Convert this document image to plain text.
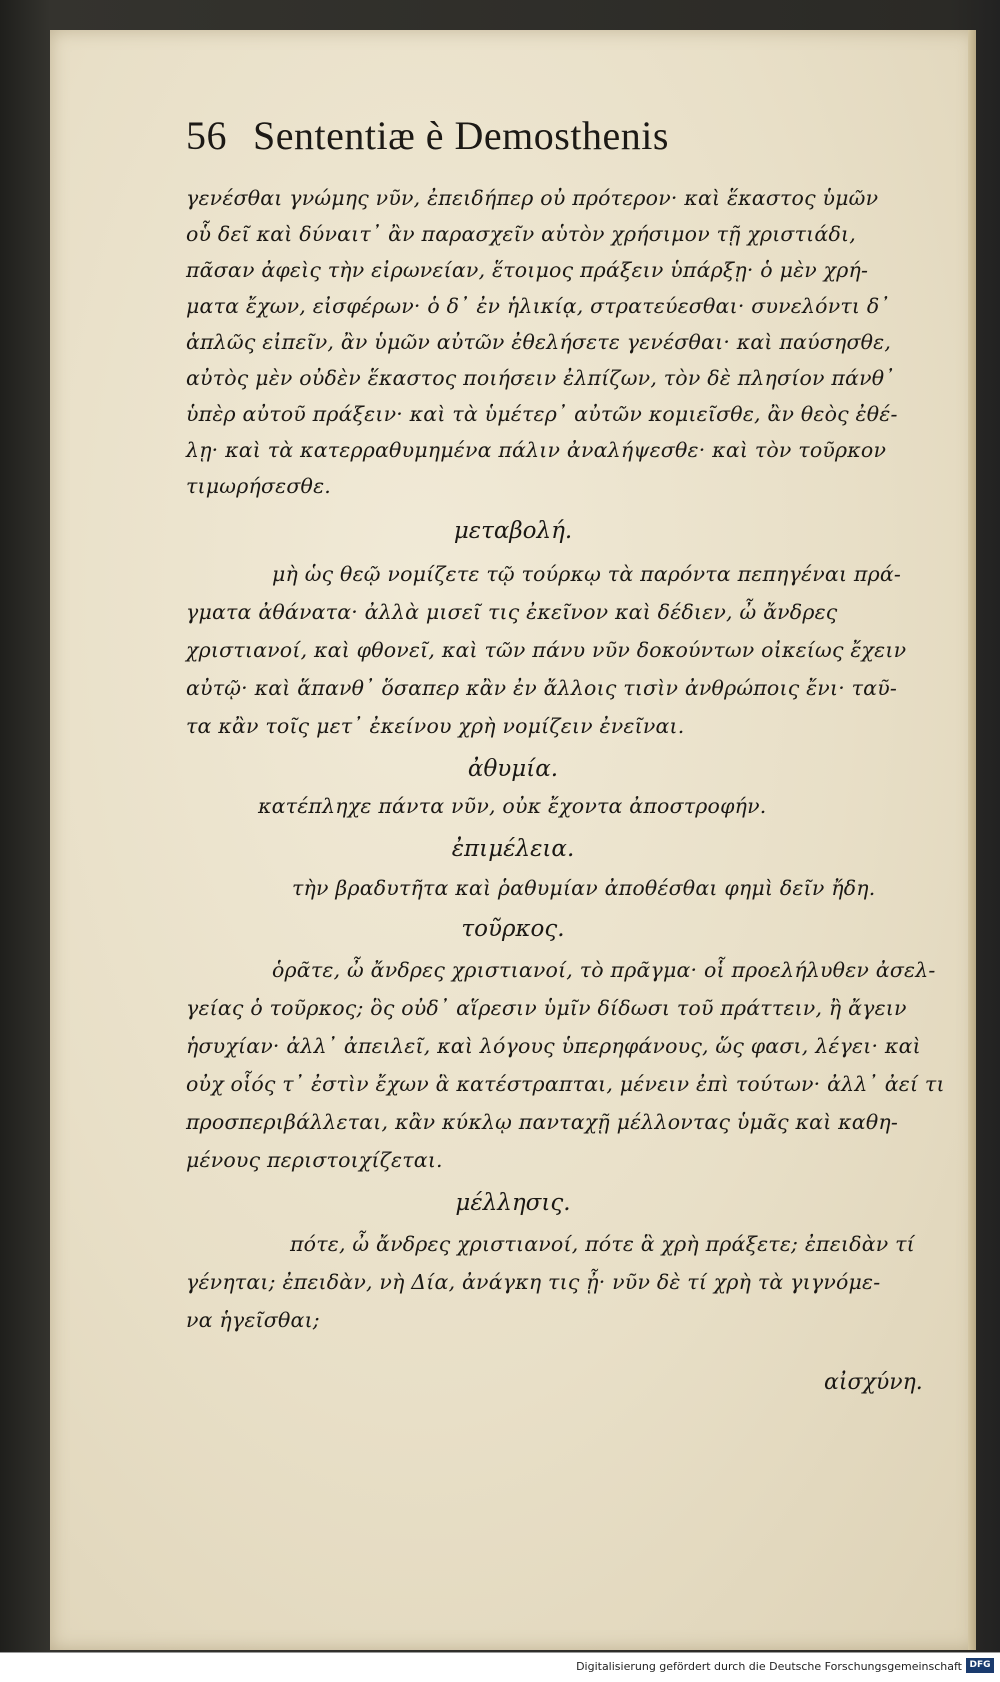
56 Sententiæ è Demosthenis
γενέσθαι γνώμης νῦν, ἐπειδήπερ οὐ πρότερον· καὶ ἕκαστος ὑμῶν
οὗ δεῖ καὶ δύναιτ᾽ ἂν παρασχεῖν αὑτὸν χρήσιμον τῇ χριστιάδι,
πᾶσαν ἀφεὶς τὴν εἰρωνείαν, ἕτοιμος πράξειν ὑπάρξῃ· ὁ μὲν χρή-
ματα ἔχων, εἰσφέρων· ὁ δ᾽ ἐν ἡλικίᾳ, στρατεύεσθαι· συνελόντι δ᾽
ἁπλῶς εἰπεῖν, ἂν ὑμῶν αὐτῶν ἐθελήσετε γενέσθαι· καὶ παύσησθε,
αὐτὸς μὲν οὐδὲν ἕκαστος ποιήσειν ἐλπίζων, τὸν δὲ πλησίον πάνθ᾽
ὑπὲρ αὐτοῦ πράξειν· καὶ τὰ ὑμέτερ᾽ αὐτῶν κομιεῖσθε, ἂν θεὸς ἐθέ-
λῃ· καὶ τὰ κατερραθυμημένα πάλιν ἀναλήψεσθε· καὶ τὸν τοῦρκον
τιμωρήσεσθε.
μεταβολή.
μὴ ὡς θεῷ νομίζετε τῷ τούρκῳ τὰ παρόντα πεπηγέναι πρά-
γματα ἀθάνατα· ἀλλὰ μισεῖ τις ἐκεῖνον καὶ δέδιεν, ὦ ἄνδρες
χριστιανοί, καὶ φθονεῖ, καὶ τῶν πάνυ νῦν δοκούντων οἰκείως ἔχειν
αὐτῷ· καὶ ἅπανθ᾽ ὅσαπερ κἂν ἐν ἄλλοις τισὶν ἀνθρώποις ἔνι· ταῦ-
τα κἂν τοῖς μετ᾽ ἐκείνου χρὴ νομίζειν ἐνεῖναι.
ἀθυμία.
κατέπληχε πάντα νῦν, οὐκ ἔχοντα ἀποστροφήν.
ἐπιμέλεια.
τὴν βραδυτῆτα καὶ ῥαθυμίαν ἀποθέσθαι φημὶ δεῖν ἤδη.
τοῦρκος.
ὁρᾶτε, ὦ ἄνδρες χριστιανοί, τὸ πρᾶγμα· οἷ προελήλυθεν ἀσελ-
γείας ὁ τοῦρκος; ὃς οὐδ᾽ αἵρεσιν ὑμῖν δίδωσι τοῦ πράττειν, ἢ ἄγειν
ἡσυχίαν· ἀλλ᾽ ἀπειλεῖ, καὶ λόγους ὑπερηφάνους, ὥς φασι, λέγει· καὶ
οὐχ οἷός τ᾽ ἐστὶν ἔχων ἃ κατέστραπται, μένειν ἐπὶ τούτων· ἀλλ᾽ ἀεί τι
προσπεριβάλλεται, κἂν κύκλῳ πανταχῇ μέλλοντας ὑμᾶς καὶ καθη-
μένους περιστοιχίζεται.
μέλλησις.
πότε, ὦ ἄνδρες χριστιανοί, πότε ἃ χρὴ πράξετε; ἐπειδὰν τί
γένηται; ἐπειδὰν, νὴ Δία, ἀνάγκη τις ᾖ· νῦν δὲ τί χρὴ τὰ γιγνόμε-
να ἡγεῖσθαι;
αἰσχύνη.
Digitalisierung gefördert durch die Deutsche Forschungsgemeinschaft DFG
